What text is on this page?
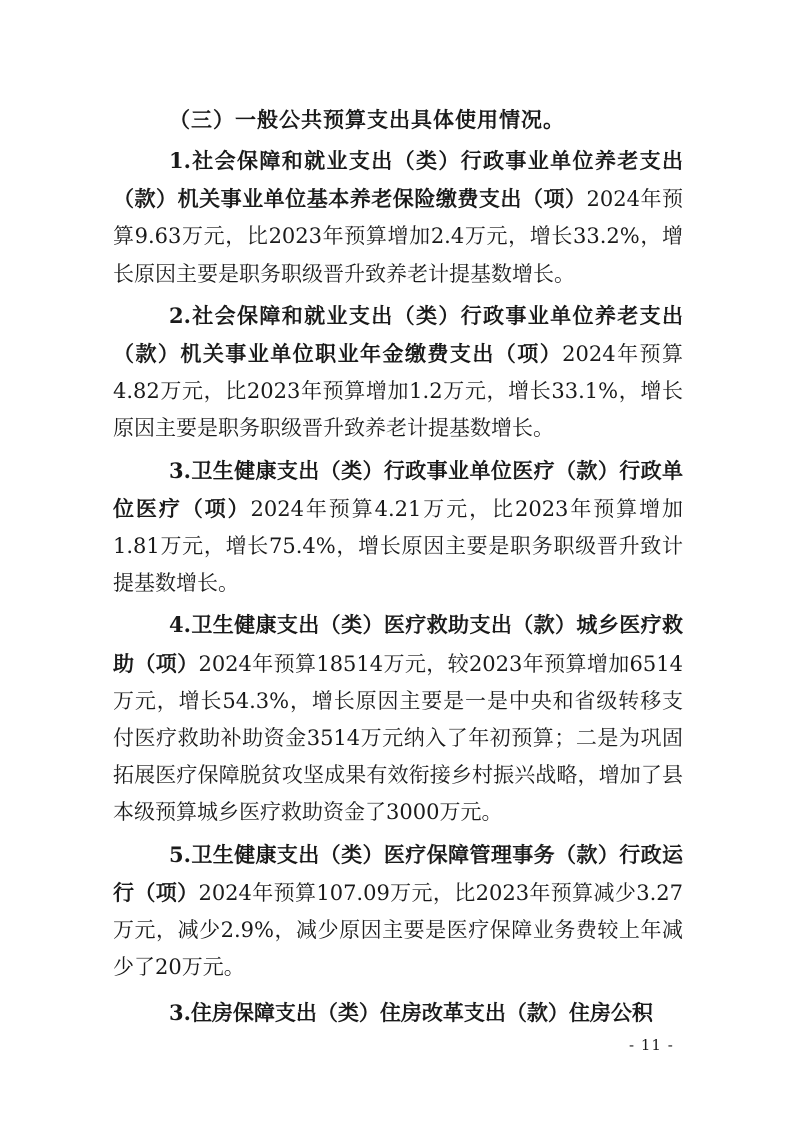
（三）一般公共预算支出具体使用情况。

1.社会保障和就业支出（类）行政事业单位养老支出（款）机关事业单位基本养老保险缴费支出（项）2024年预算9.63万元，比2023年预算增加2.4万元，增长33.2%，增长原因主要是职务职级晋升致养老计提基数增长。

2.社会保障和就业支出（类）行政事业单位养老支出（款）机关事业单位职业年金缴费支出（项）2024年预算4.82万元，比2023年预算增加1.2万元，增长33.1%，增长原因主要是职务职级晋升致养老计提基数增长。

3.卫生健康支出（类）行政事业单位医疗（款）行政单位医疗（项）2024年预算4.21万元，比2023年预算增加1.81万元，增长75.4%，增长原因主要是职务职级晋升致计提基数增长。

4.卫生健康支出（类）医疗救助支出（款）城乡医疗救助（项）2024年预算18514万元，较2023年预算增加6514万元，增长54.3%，增长原因主要是一是中央和省级转移支付医疗救助补助资金3514万元纳入了年初预算；二是为巩固拓展医疗保障脱贫攻坚成果有效衔接乡村振兴战略，增加了县本级预算城乡医疗救助资金了3000万元。

5.卫生健康支出（类）医疗保障管理事务（款）行政运行（项）2024年预算107.09万元，比2023年预算减少3.27万元，减少2.9%，减少原因主要是医疗保障业务费较上年减少了20万元。

3.住房保障支出（类）住房改革支出（款）住房公积

- 11 -
